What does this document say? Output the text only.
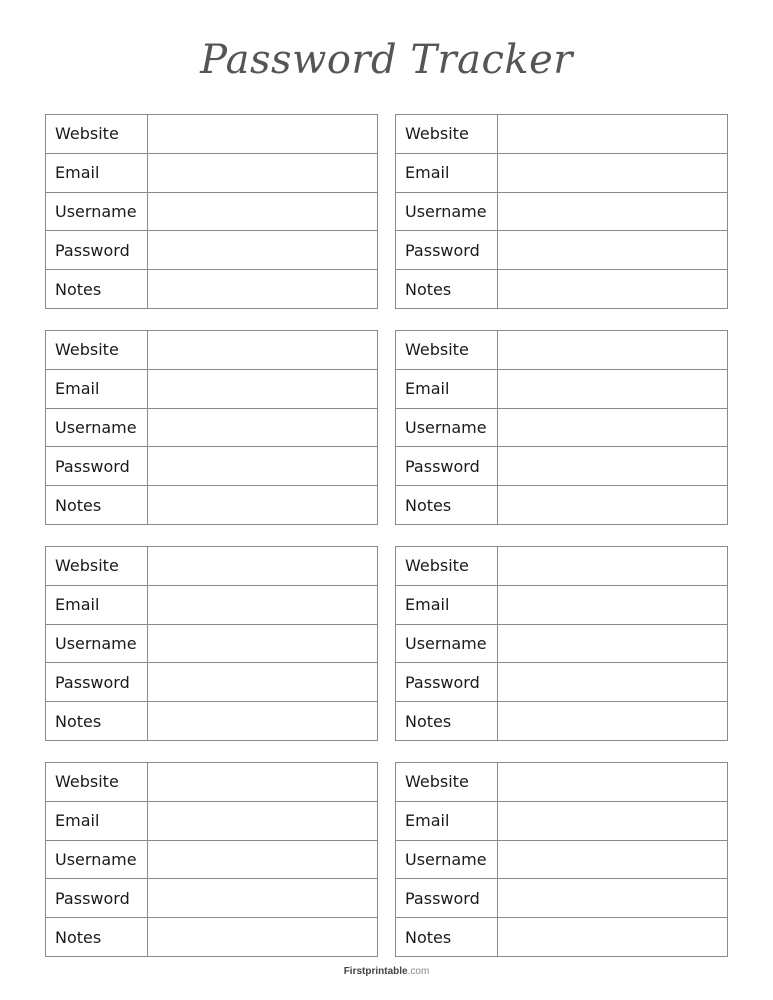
Password Tracker
Website
Email
Username
Password
Notes
Website
Email
Username
Password
Notes
Website
Email
Username
Password
Notes
Website
Email
Username
Password
Notes
Website
Email
Username
Password
Notes
Website
Email
Username
Password
Notes
Website
Email
Username
Password
Notes
Website
Email
Username
Password
Notes
Firstprintable.com
